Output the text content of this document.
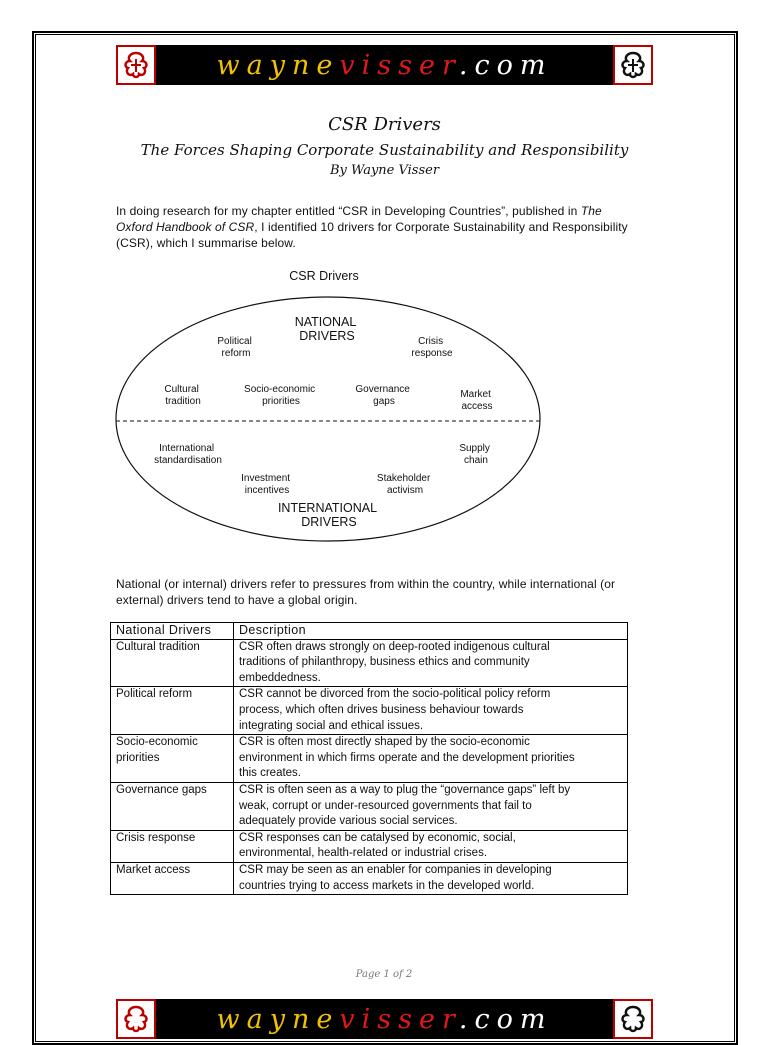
waynevisser.com
CSR Drivers
The Forces Shaping Corporate Sustainability and Responsibility
By Wayne Visser
In doing research for my chapter entitled “CSR in Developing Countries”, published in The Oxford Handbook of CSR, I identified 10 drivers for Corporate Sustainability and Responsibility (CSR), which I summarise below.
CSR Drivers
NATIONAL DRIVERS
INTERNATIONAL DRIVERS
Political reform
Crisis response
Cultural tradition
Socio-economic priorities
Governance gaps
Market access
International standardisation
Supply chain
Investment incentives
Stakeholder activism
National (or internal) drivers refer to pressures from within the country, while international (or external) drivers tend to have a global origin.
National Drivers	Description
Cultural tradition	CSR often draws strongly on deep-rooted indigenous cultural
traditions of philanthropy, business ethics and community
embeddedness.
Political reform	CSR cannot be divorced from the socio-political policy reform
process, which often drives business behaviour towards
integrating social and ethical issues.
Socio-economic priorities	CSR is often most directly shaped by the socio-economic
environment in which firms operate and the development priorities
this creates.
Governance gaps	CSR is often seen as a way to plug the “governance gaps” left by
weak, corrupt or under-resourced governments that fail to
adequately provide various social services.
Crisis response	CSR responses can be catalysed by economic, social,
environmental, health-related or industrial crises.
Market access	CSR may be seen as an enabler for companies in developing
countries trying to access markets in the developed world.
Page 1 of 2
waynevisser.com
